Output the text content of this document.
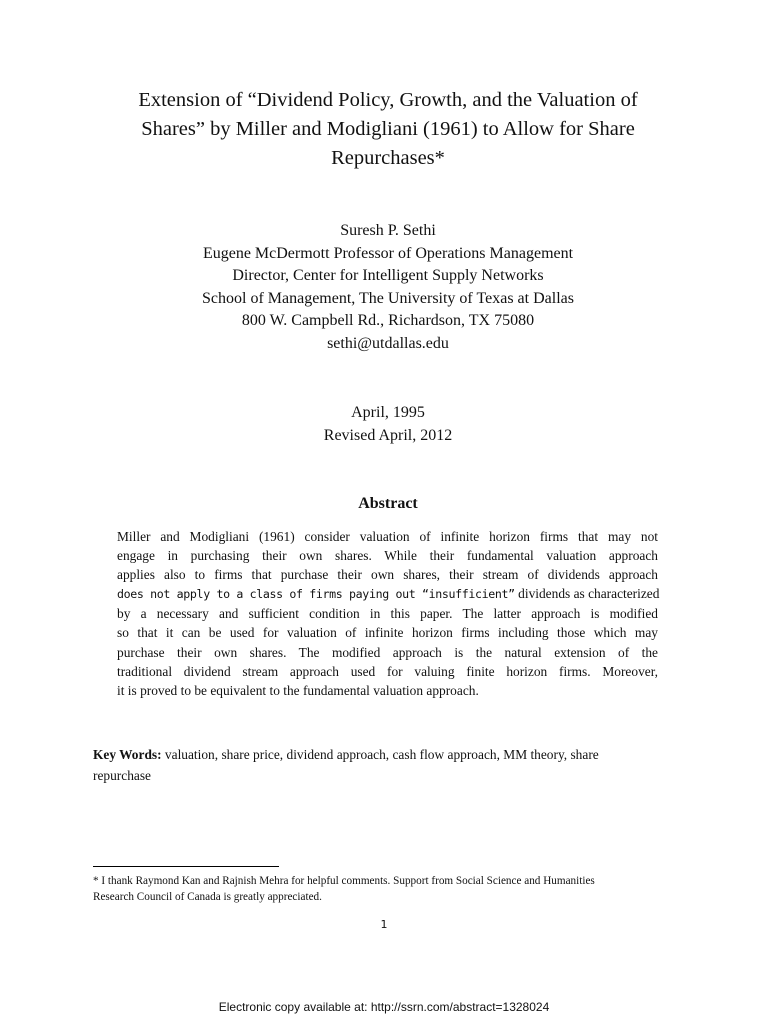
Extension of “Dividend Policy, Growth, and the Valuation of
Shares” by Miller and Modigliani (1961) to Allow for Share
Repurchases*
Suresh P. Sethi
Eugene McDermott Professor of Operations Management
Director, Center for Intelligent Supply Networks
School of Management, The University of Texas at Dallas
800 W. Campbell Rd., Richardson, TX 75080
sethi@utdallas.edu
April, 1995
Revised April, 2012
Abstract
Miller and Modigliani (1961) consider valuation of infinite horizon firms that may not
engage in purchasing their own shares. While their fundamental valuation approach
applies also to firms that purchase their own shares, their stream of dividends approach
does not apply to a class of firms paying out “insufficient” dividends as characterized
by a necessary and sufficient condition in this paper. The latter approach is modified
so that it can be used for valuation of infinite horizon firms including those which may
purchase their own shares. The modified approach is the natural extension of the
traditional dividend stream approach used for valuing finite horizon firms. Moreover,
it is proved to be equivalent to the fundamental valuation approach.
Key Words: valuation, share price, dividend approach, cash flow approach, MM theory, share
repurchase
* I thank Raymond Kan and Rajnish Mehra for helpful comments. Support from Social Science and Humanities
Research Council of Canada is greatly appreciated.
1
Electronic copy available at: http://ssrn.com/abstract=1328024
